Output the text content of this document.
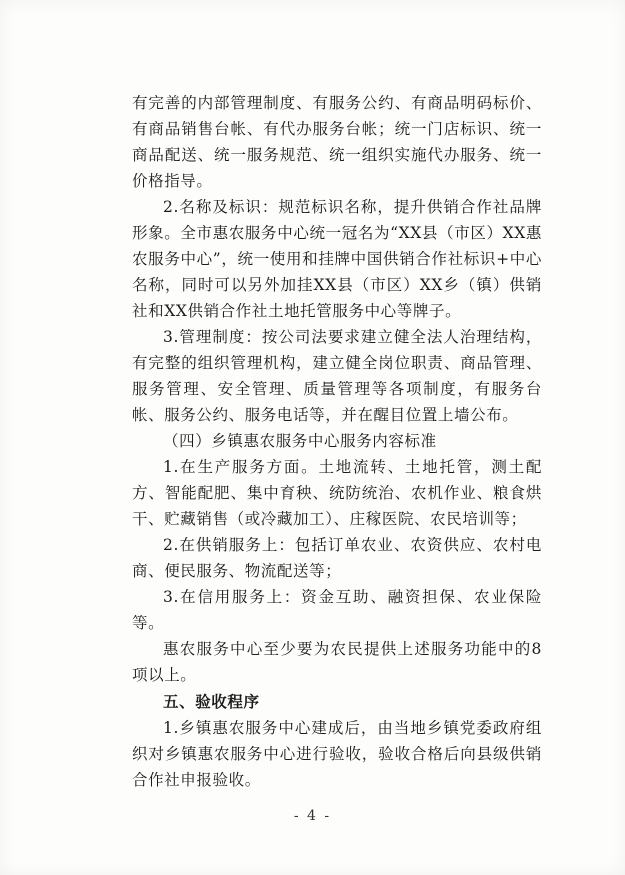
有完善的内部管理制度、有服务公约、有商品明码标价、有商品销售台帐、有代办服务台帐；统一门店标识、统一商品配送、统一服务规范、统一组织实施代办服务、统一价格指导。

2.名称及标识：规范标识名称，提升供销合作社品牌形象。全市惠农服务中心统一冠名为“XX县（市区）XX惠农服务中心”，统一使用和挂牌中国供销合作社标识+中心名称，同时可以另外加挂XX县（市区）XX乡（镇）供销社和XX供销合作社土地托管服务中心等牌子。

3.管理制度：按公司法要求建立健全法人治理结构，有完整的组织管理机构，建立健全岗位职责、商品管理、服务管理、安全管理、质量管理等各项制度，有服务台帐、服务公约、服务电话等，并在醒目位置上墙公布。

（四）乡镇惠农服务中心服务内容标准

1.在生产服务方面。土地流转、土地托管，测土配方、智能配肥、集中育秧、统防统治、农机作业、粮食烘干、贮藏销售（或冷藏加工）、庄稼医院、农民培训等；

2.在供销服务上：包括订单农业、农资供应、农村电商、便民服务、物流配送等；

3.在信用服务上：资金互助、融资担保、农业保险等。

惠农服务中心至少要为农民提供上述服务功能中的8项以上。

五、验收程序

1.乡镇惠农服务中心建成后，由当地乡镇党委政府组织对乡镇惠农服务中心进行验收，验收合格后向县级供销合作社申报验收。

- 4 -
